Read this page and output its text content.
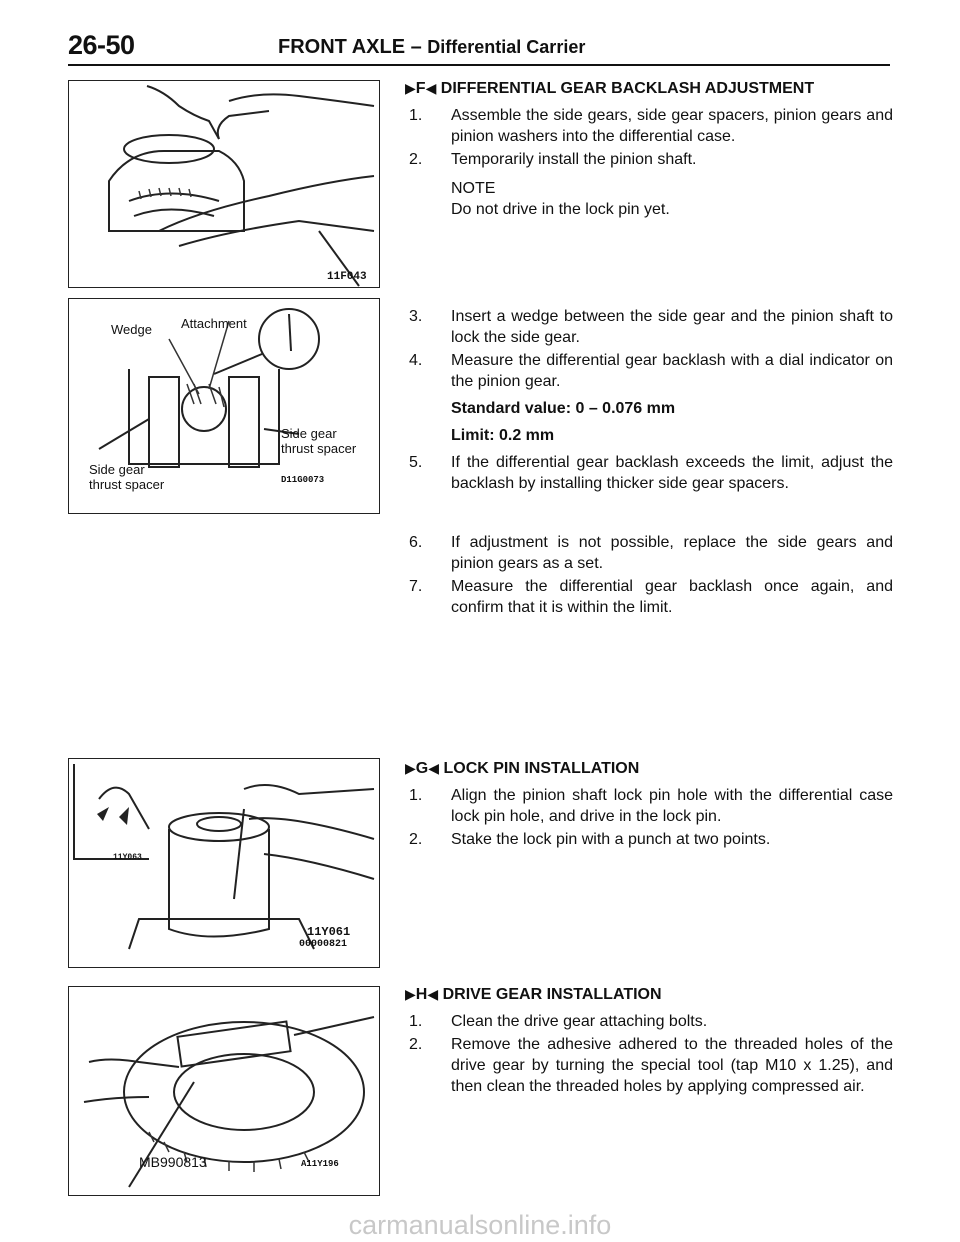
26-50	FRONT AXLE – Differential Carrier
11F043
Wedge Attachment
Side gear
thrust spacer
Side gear
thrust spacer	D11G0073
11Y063
11Y061
00000821
MB990813	A11Y196
▶F◀ DIFFERENTIAL GEAR BACKLASH ADJUSTMENT
1. Assemble the side gears, side gear spacers, pinion gears and pinion washers into the differential case.
2. Temporarily install the pinion shaft.
NOTE
Do not drive in the lock pin yet.
3. Insert a wedge between the side gear and the pinion shaft to lock the side gear.
4. Measure the differential gear backlash with a dial indicator on the pinion gear.
Standard value: 0 – 0.076 mm
Limit: 0.2 mm
5. If the differential gear backlash exceeds the limit, adjust the backlash by installing thicker side gear spacers.
6. If adjustment is not possible, replace the side gears and pinion gears as a set.
7. Measure the differential gear backlash once again, and confirm that it is within the limit.
▶G◀ LOCK PIN INSTALLATION
1. Align the pinion shaft lock pin hole with the differential case lock pin hole, and drive in the lock pin.
2. Stake the lock pin with a punch at two points.
▶H◀ DRIVE GEAR INSTALLATION
1. Clean the drive gear attaching bolts.
2. Remove the adhesive adhered to the threaded holes of the drive gear by turning the special tool (tap M10 x 1.25), and then clean the threaded holes by applying compressed air.
carmanualsonline.info
